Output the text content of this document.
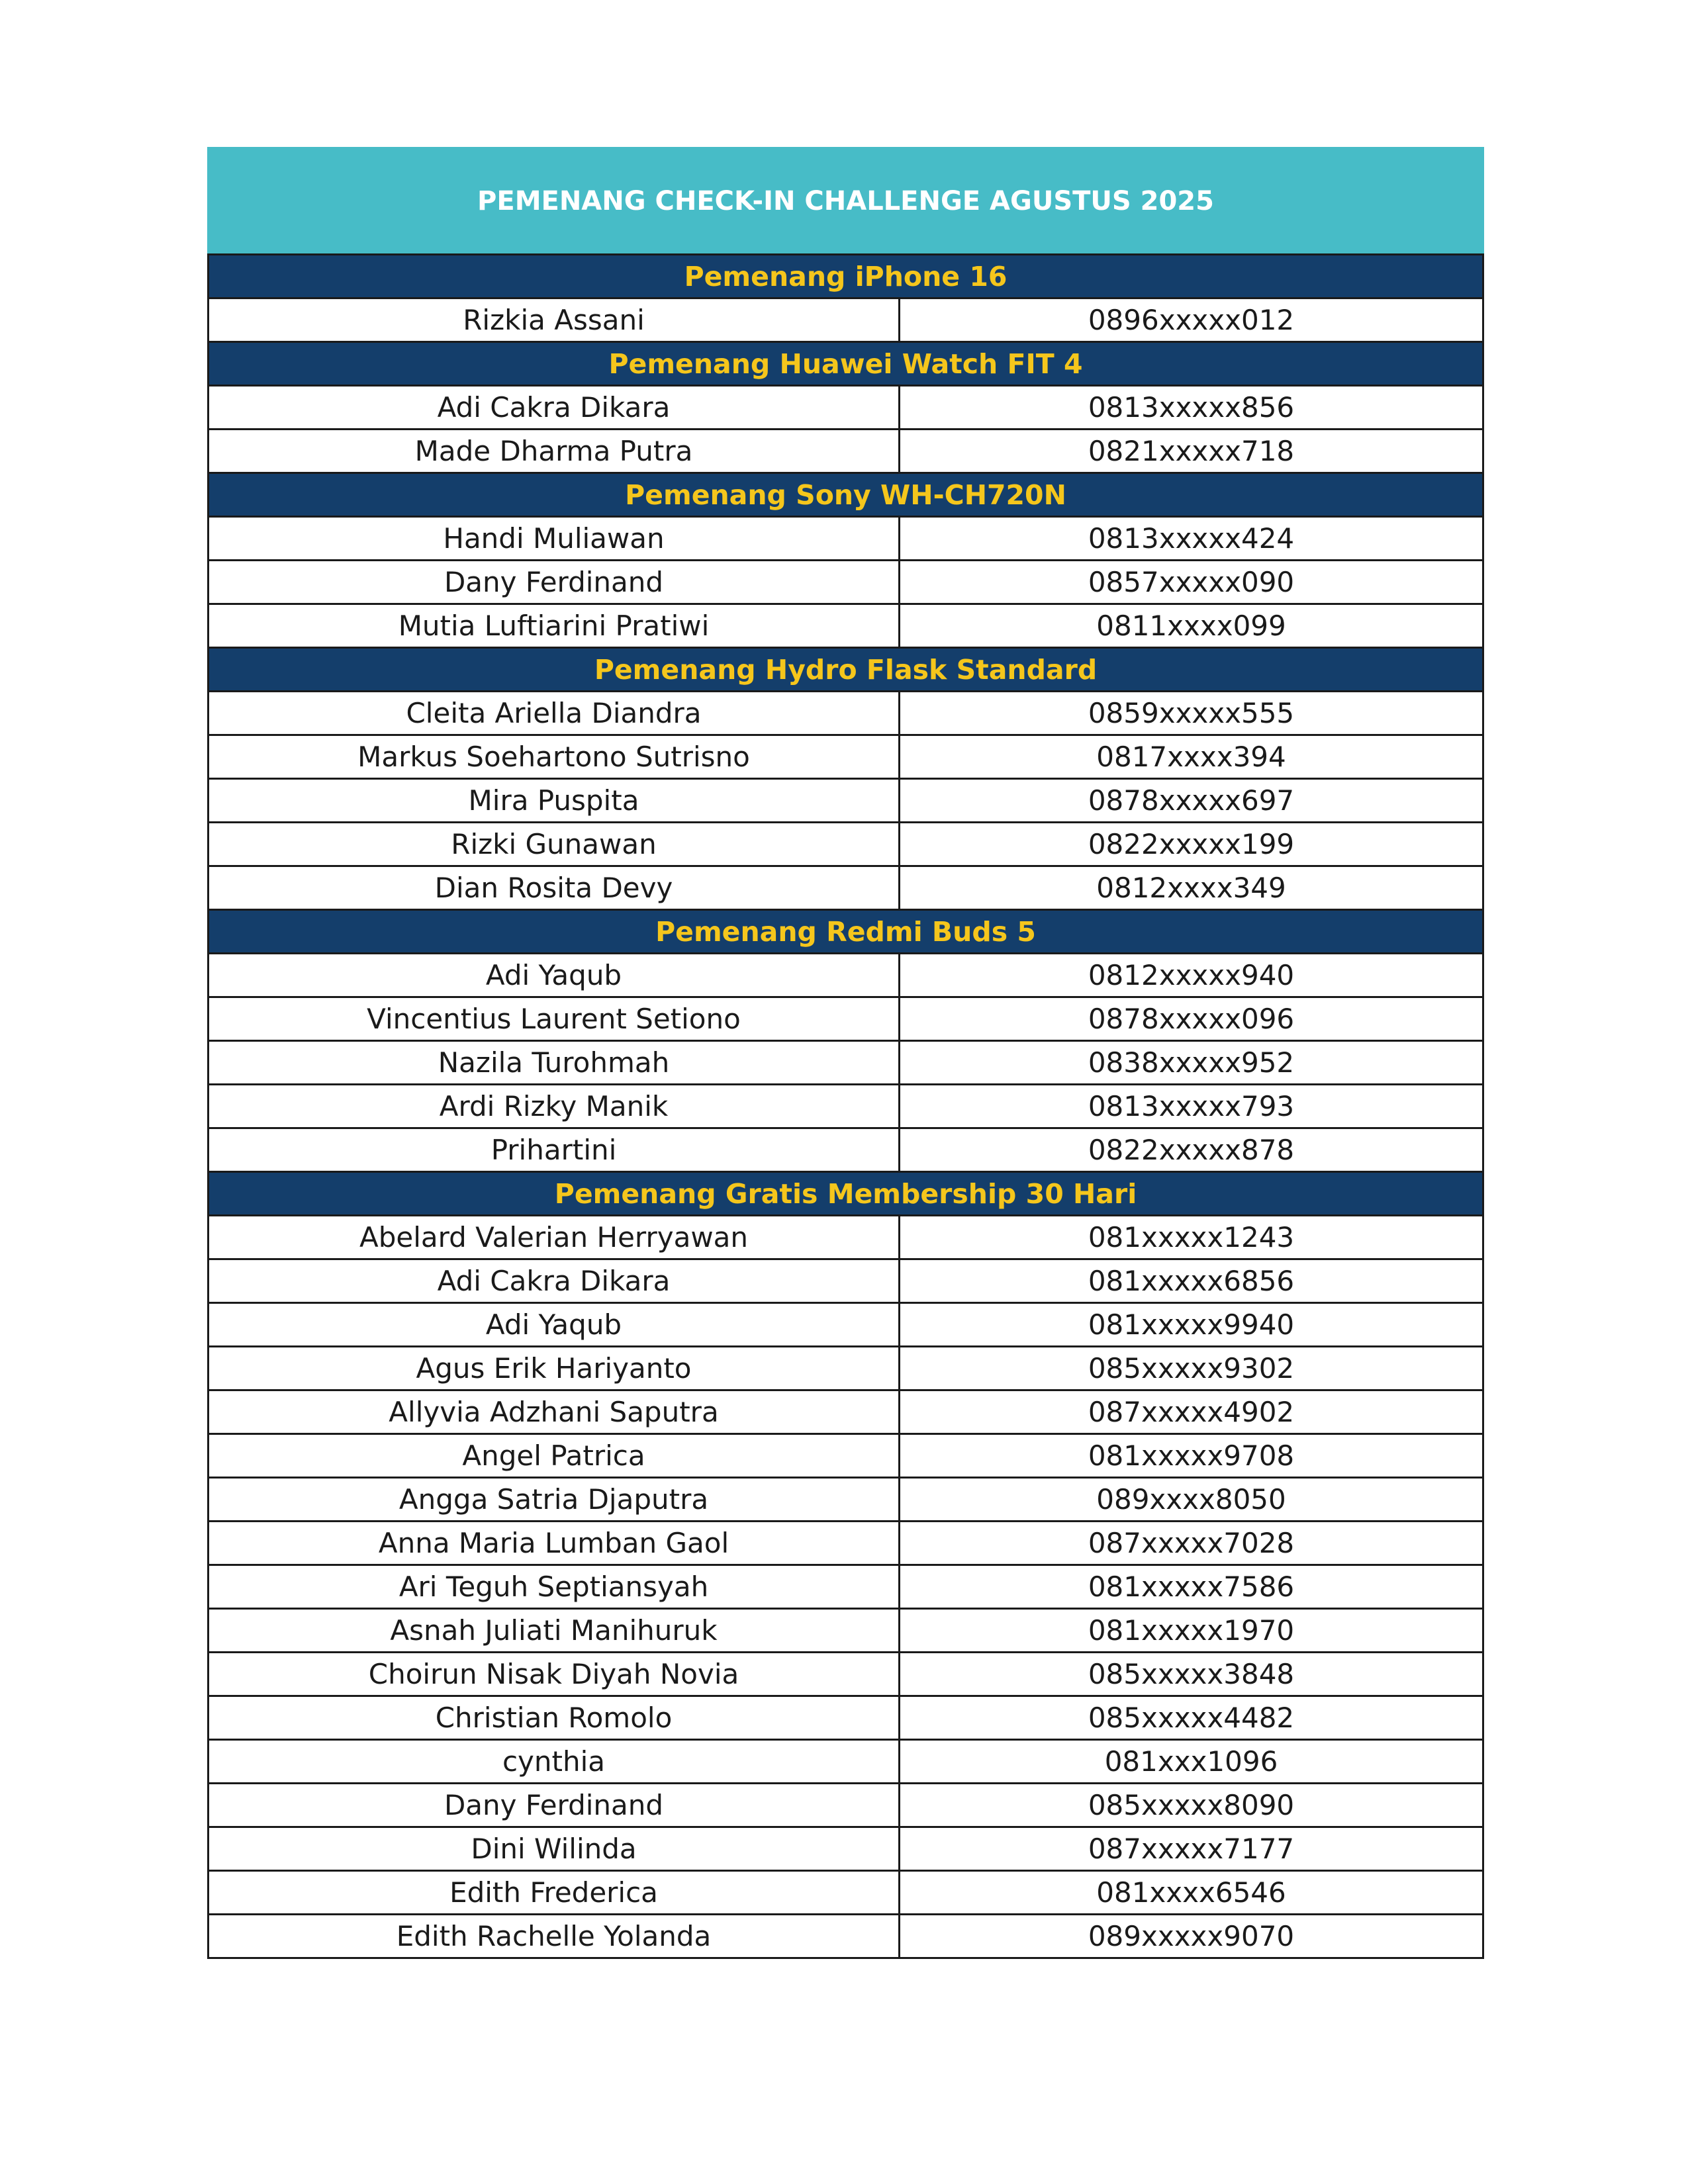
PEMENANG CHECK-IN CHALLENGE AGUSTUS 2025	
Pemenang iPhone 16	
Rizkia Assani	0896xxxxx012
Pemenang Huawei Watch FIT 4	
Adi Cakra Dikara	0813xxxxx856
Made Dharma Putra	0821xxxxx718
Pemenang Sony WH-CH720N	
Handi Muliawan	0813xxxxx424
Dany Ferdinand	0857xxxxx090
Mutia Luftiarini Pratiwi	0811xxxx099
Pemenang Hydro Flask Standard	
Cleita Ariella Diandra	0859xxxxx555
Markus Soehartono Sutrisno	0817xxxx394
Mira Puspita	0878xxxxx697
Rizki Gunawan	0822xxxxx199
Dian Rosita Devy	0812xxxx349
Pemenang Redmi Buds 5	
Adi Yaqub	0812xxxxx940
Vincentius Laurent Setiono	0878xxxxx096
Nazila Turohmah	0838xxxxx952
Ardi Rizky Manik	0813xxxxx793
Prihartini	0822xxxxx878
Pemenang Gratis Membership 30 Hari	
Abelard Valerian Herryawan	081xxxxx1243
Adi Cakra Dikara	081xxxxx6856
Adi Yaqub	081xxxxx9940
Agus Erik Hariyanto	085xxxxx9302
Allyvia Adzhani Saputra	087xxxxx4902
Angel Patrica	081xxxxx9708
Angga Satria Djaputra	089xxxx8050
Anna Maria Lumban Gaol	087xxxxx7028
Ari Teguh Septiansyah	081xxxxx7586
Asnah Juliati Manihuruk	081xxxxx1970
Choirun Nisak Diyah Novia	085xxxxx3848
Christian Romolo	085xxxxx4482
cynthia	081xxx1096
Dany Ferdinand	085xxxxx8090
Dini Wilinda	087xxxxx7177
Edith Frederica	081xxxx6546
Edith Rachelle Yolanda	089xxxxx9070
